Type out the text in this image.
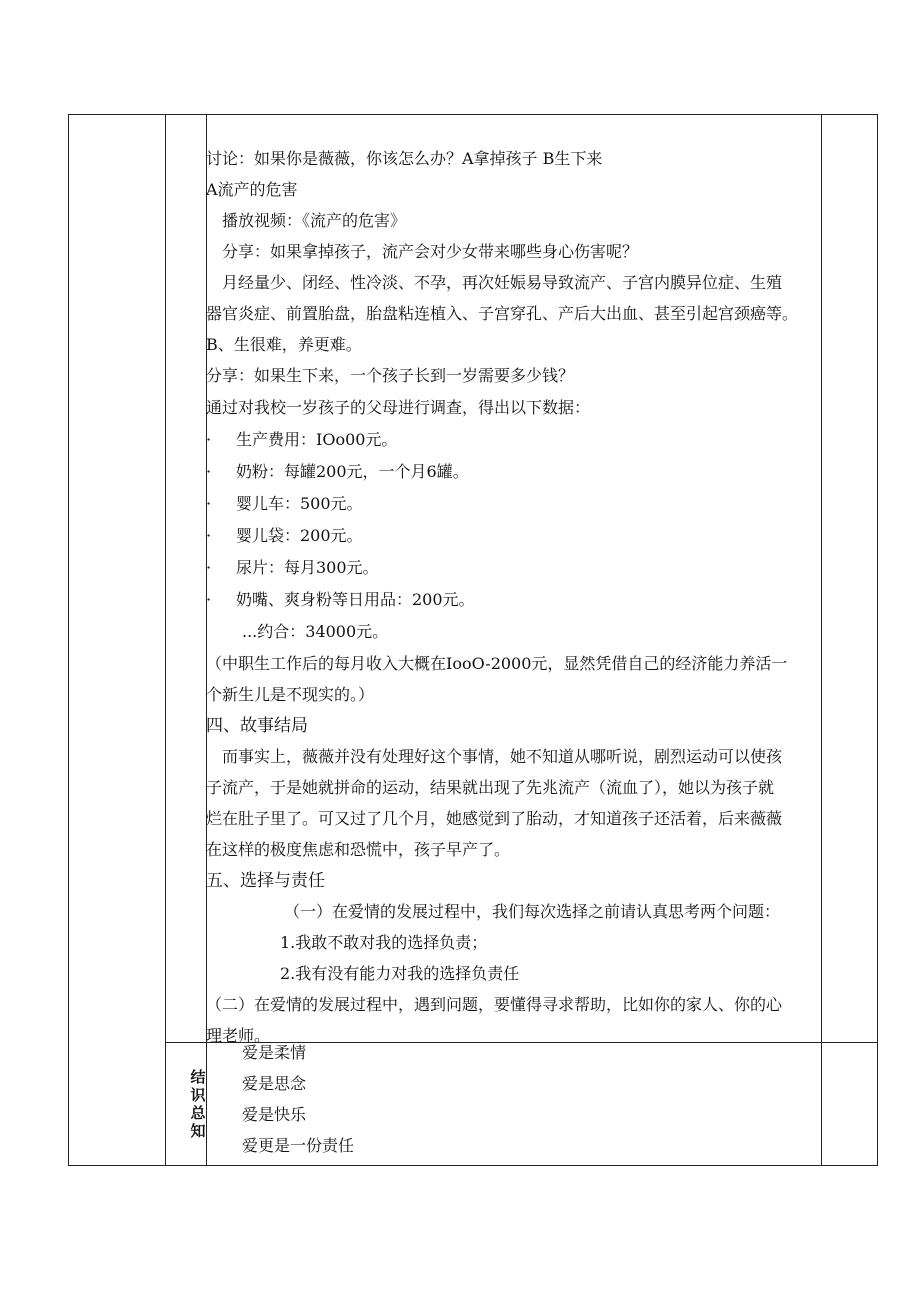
讨论：如果你是薇薇，你该怎么办？A拿掉孩子 B生下来
A流产的危害
播放视频：《流产的危害》
分享：如果拿掉孩子，流产会对少女带来哪些身心伤害呢？
月经量少、闭经、性冷淡、不孕，再次妊娠易导致流产、子宫内膜异位症、生殖
器官炎症、前置胎盘，胎盘粘连植入、子宫穿孔、产后大出血、甚至引起宫颈癌等。
B、生很难，养更难。
分享：如果生下来，一个孩子长到一岁需要多少钱？
通过对我校一岁孩子的父母进行调查，得出以下数据：
· 生产费用：IOo00元。
· 奶粉：每罐200元，一个月6罐。
· 婴儿车：500元。
· 婴儿袋：200元。
· 尿片：每月300元。
· 奶嘴、爽身粉等日用品：200元。
...约合：34000元。
（中职生工作后的每月收入大概在IooO-2000元，显然凭借自己的经济能力养活一
个新生儿是不现实的。）
四、故事结局
而事实上，薇薇并没有处理好这个事情，她不知道从哪听说，剧烈运动可以使孩
子流产，于是她就拼命的运动，结果就出现了先兆流产（流血了），她以为孩子就
烂在肚子里了。可又过了几个月，她感觉到了胎动，才知道孩子还活着，后来薇薇
在这样的极度焦虑和恐慌中，孩子早产了。
五、选择与责任
（一）在爱情的发展过程中，我们每次选择之前请认真思考两个问题：
1.我敢不敢对我的选择负责；
2.我有没有能力对我的选择负责任
（二）在爱情的发展过程中，遇到问题，要懂得寻求帮助，比如你的家人、你的心
理老师。
爱是柔情
爱是思念
爱是快乐
爱更是一份责任
结
识
总
知
